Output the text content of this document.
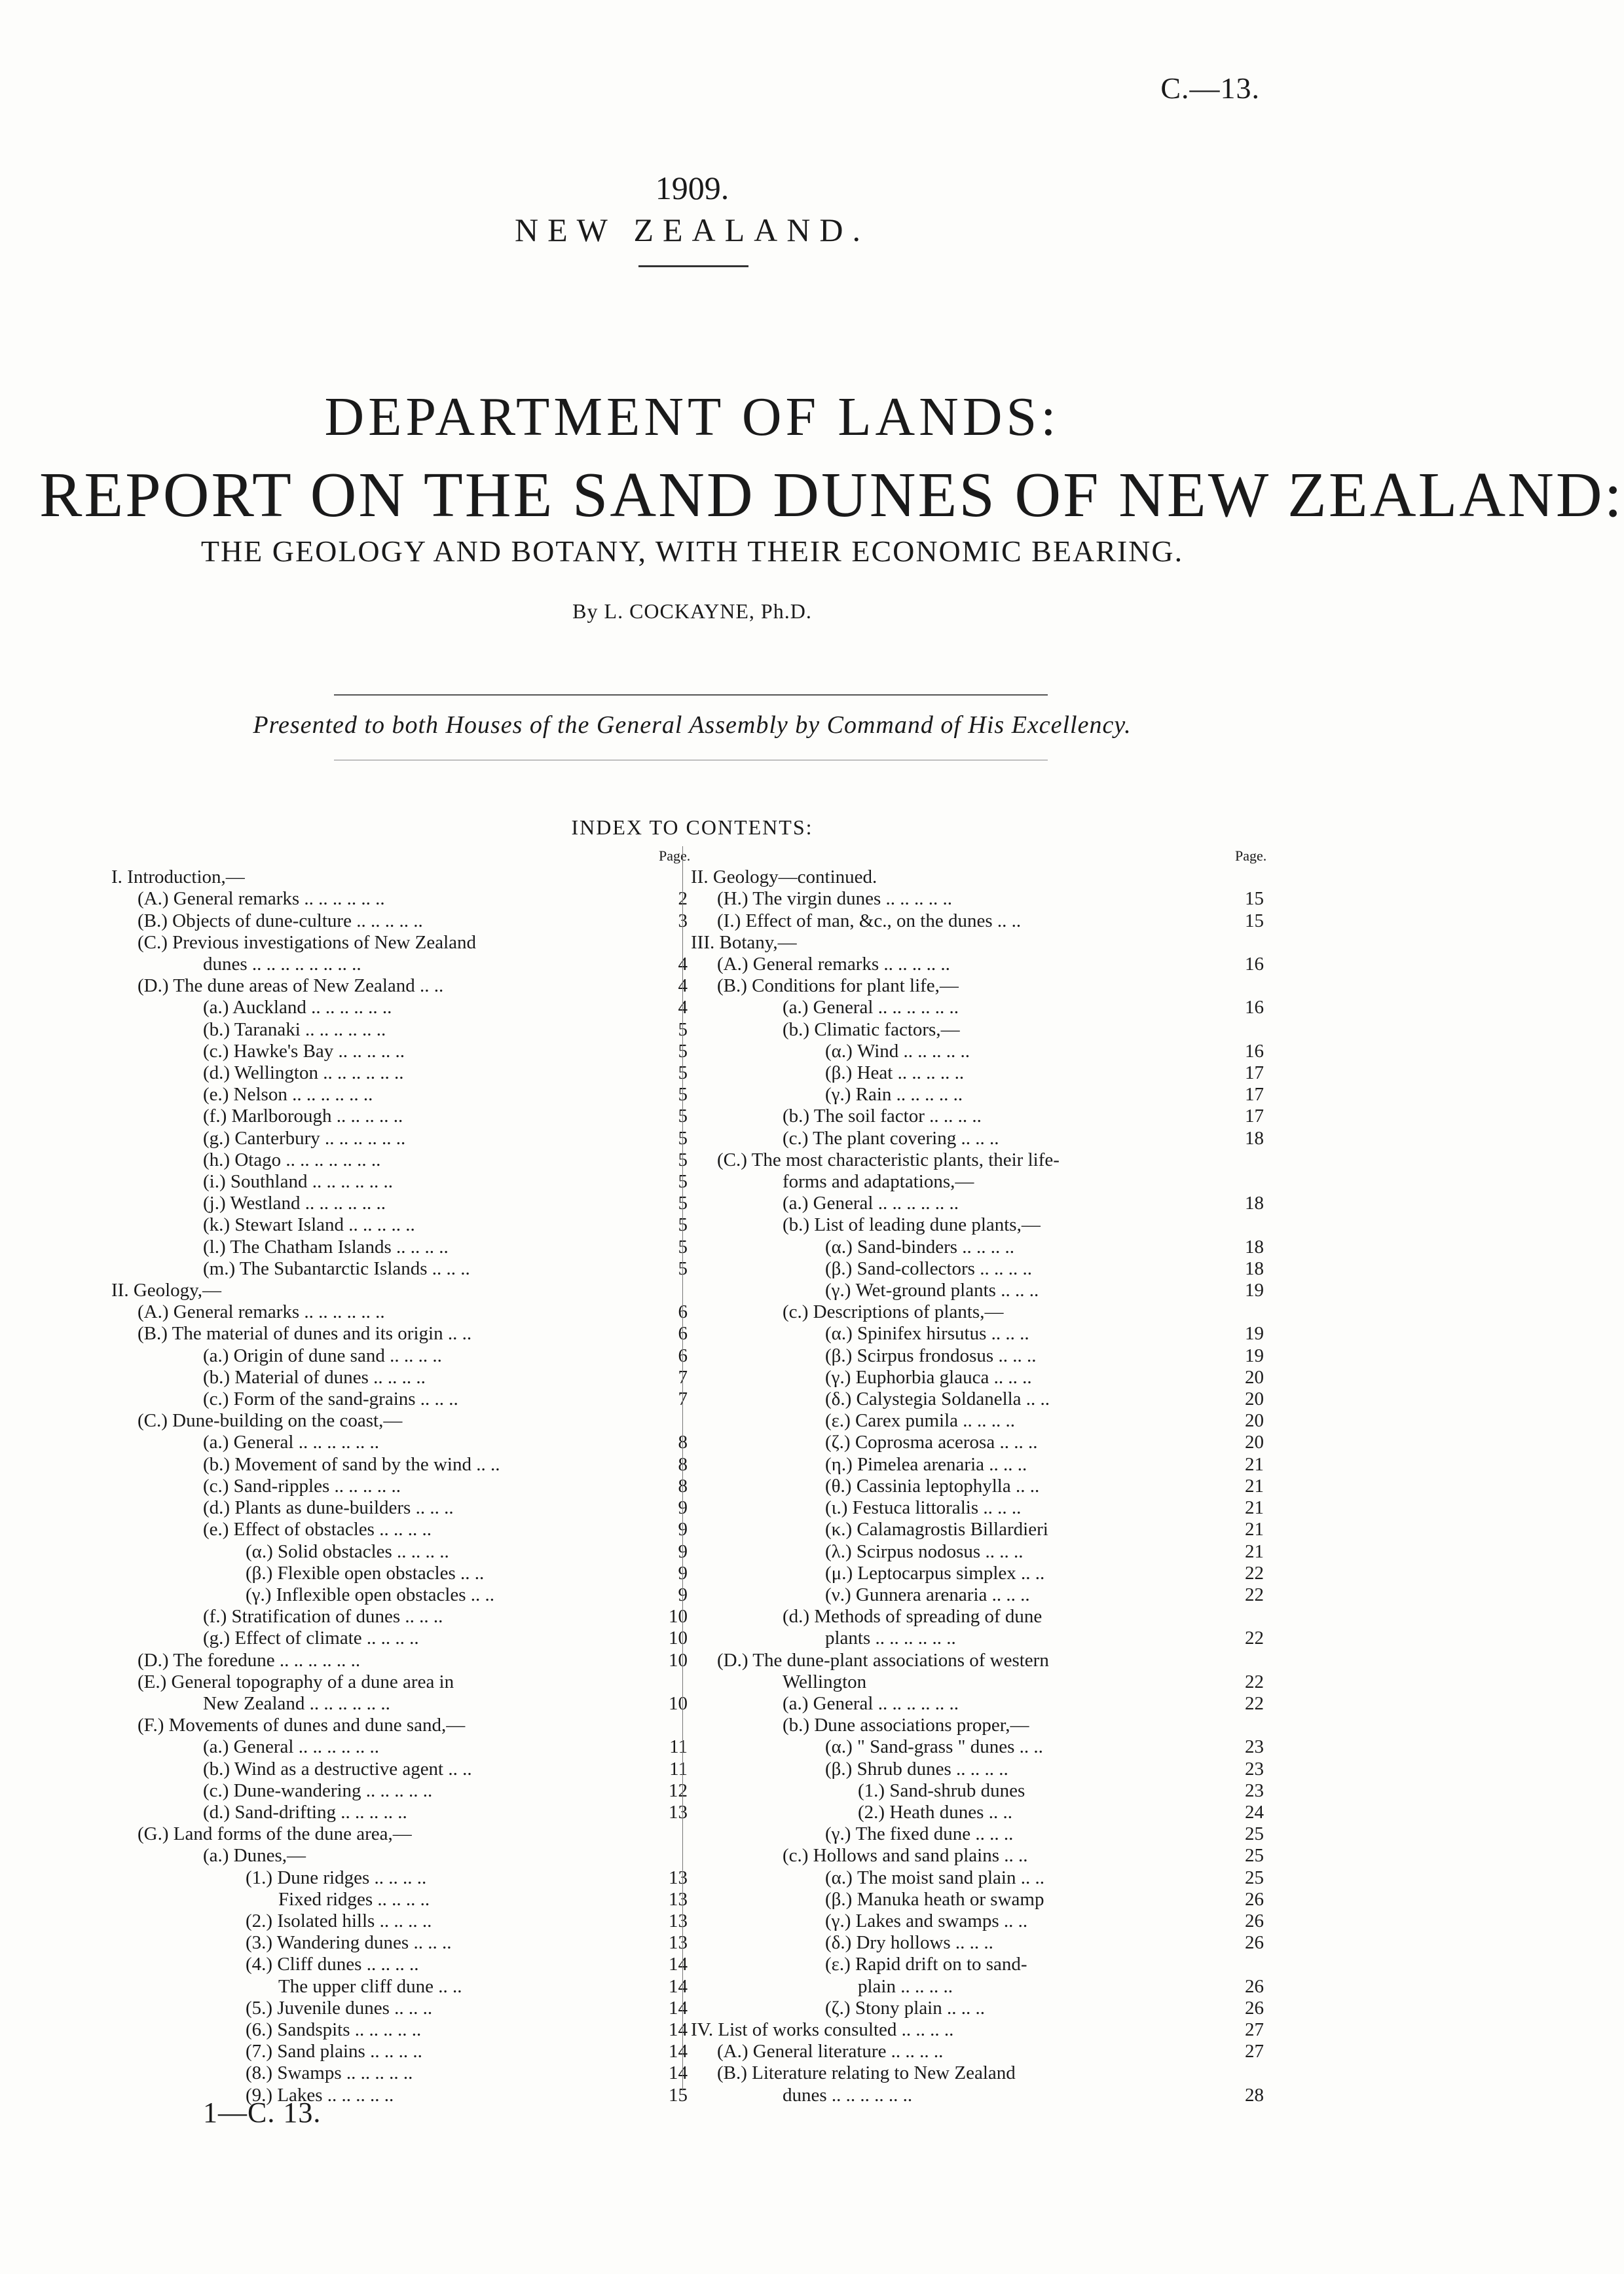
C.—13.
1909.
NEW ZEALAND.
DEPARTMENT OF LANDS:
REPORT ON THE SAND DUNES OF NEW ZEALAND:
THE GEOLOGY AND BOTANY, WITH THEIR ECONOMIC BEARING.
By L. COCKAYNE, Ph.D.
Presented to both Houses of the General Assembly by Command of His Excellency.
INDEX TO CONTENTS:
Page.
I. Introduction,—
(A.) General remarks .. .. .. .. .. ..	2
(B.) Objects of dune-culture .. .. .. .. ..	3
(C.) Previous investigations of New Zealand
dunes .. .. .. .. .. .. .. ..	4
(D.) The dune areas of New Zealand .. ..	4
(a.) Auckland .. .. .. .. .. ..	4
(b.) Taranaki .. .. .. .. .. ..	5
(c.) Hawke's Bay .. .. .. .. ..	5
(d.) Wellington .. .. .. .. .. ..	5
(e.) Nelson .. .. .. .. .. ..	5
(f.) Marlborough .. .. .. .. ..	5
(g.) Canterbury .. .. .. .. .. ..	5
(h.) Otago .. .. .. .. .. .. ..	5
(i.) Southland .. .. .. .. .. ..	5
(j.) Westland .. .. .. .. .. ..	5
(k.) Stewart Island .. .. .. .. ..	5
(l.) The Chatham Islands .. .. .. ..	5
(m.) The Subantarctic Islands .. .. ..	5
II. Geology,—
(A.) General remarks .. .. .. .. .. ..	6
(B.) The material of dunes and its origin .. ..	6
(a.) Origin of dune sand .. .. .. ..	6
(b.) Material of dunes .. .. .. ..	7
(c.) Form of the sand-grains .. .. ..	7
(C.) Dune-building on the coast,—
(a.) General .. .. .. .. .. ..	8
(b.) Movement of sand by the wind .. ..	8
(c.) Sand-ripples .. .. .. .. ..	8
(d.) Plants as dune-builders .. .. ..	9
(e.) Effect of obstacles .. .. .. ..	9
(α.) Solid obstacles .. .. .. ..	9
(β.) Flexible open obstacles .. ..	9
(γ.) Inflexible open obstacles .. ..	9
(f.) Stratification of dunes .. .. ..	10
(g.) Effect of climate .. .. .. ..	10
(D.) The foredune .. .. .. .. .. ..	10
(E.) General topography of a dune area in
New Zealand .. .. .. .. .. ..	10
(F.) Movements of dunes and dune sand,—
(a.) General .. .. .. .. .. ..	11
(b.) Wind as a destructive agent .. ..	11
(c.) Dune-wandering .. .. .. .. ..	12
(d.) Sand-drifting .. .. .. .. ..	13
(G.) Land forms of the dune area,—
(a.) Dunes,—
(1.) Dune ridges .. .. .. ..	13
Fixed ridges .. .. .. ..	13
(2.) Isolated hills .. .. .. ..	13
(3.) Wandering dunes .. .. ..	13
(4.) Cliff dunes .. .. .. ..	14
The upper cliff dune .. ..	14
(5.) Juvenile dunes .. .. ..	14
(6.) Sandspits .. .. .. .. ..	14
(7.) Sand plains .. .. .. ..	14
(8.) Swamps .. .. .. .. ..	14
(9.) Lakes .. .. .. .. ..	15
Page.
II. Geology—continued.
(H.) The virgin dunes .. .. .. .. ..	15
(I.) Effect of man, &c., on the dunes .. ..	15
III. Botany,—
(A.) General remarks .. .. .. .. ..	16
(B.) Conditions for plant life,—
(a.) General .. .. .. .. .. ..	16
(b.) Climatic factors,—
(α.) Wind .. .. .. .. ..	16
(β.) Heat .. .. .. .. ..	17
(γ.) Rain .. .. .. .. ..	17
(b.) The soil factor .. .. .. ..	17
(c.) The plant covering .. .. ..	18
(C.) The most characteristic plants, their life-
forms and adaptations,—
(a.) General .. .. .. .. .. ..	18
(b.) List of leading dune plants,—
(α.) Sand-binders .. .. .. ..	18
(β.) Sand-collectors .. .. .. ..	18
(γ.) Wet-ground plants .. .. ..	19
(c.) Descriptions of plants,—
(α.) Spinifex hirsutus .. .. ..	19
(β.) Scirpus frondosus .. .. ..	19
(γ.) Euphorbia glauca .. .. ..	20
(δ.) Calystegia Soldanella .. ..	20
(ε.) Carex pumila .. .. .. ..	20
(ζ.) Coprosma acerosa .. .. ..	20
(η.) Pimelea arenaria .. .. ..	21
(θ.) Cassinia leptophylla .. ..	21
(ι.) Festuca littoralis .. .. ..	21
(κ.) Calamagrostis Billardieri	21
(λ.) Scirpus nodosus .. .. ..	21
(μ.) Leptocarpus simplex .. ..	22
(ν.) Gunnera arenaria .. .. ..	22
(d.) Methods of spreading of dune
plants .. .. .. .. .. ..	22
(D.) The dune-plant associations of western
Wellington	22
(a.) General .. .. .. .. .. ..	22
(b.) Dune associations proper,—
(α.) " Sand-grass " dunes .. ..	23
(β.) Shrub dunes .. .. .. ..	23
(1.) Sand-shrub dunes	23
(2.) Heath dunes .. ..	24
(γ.) The fixed dune .. .. ..	25
(c.) Hollows and sand plains .. ..	25
(α.) The moist sand plain .. ..	25
(β.) Manuka heath or swamp	26
(γ.) Lakes and swamps .. ..	26
(δ.) Dry hollows .. .. ..	26
(ε.) Rapid drift on to sand-
plain .. .. .. ..	26
(ζ.) Stony plain .. .. ..	26
IV. List of works consulted .. .. .. ..	27
(A.) General literature .. .. .. ..	27
(B.) Literature relating to New Zealand
dunes .. .. .. .. .. ..	28
1—C. 13.
